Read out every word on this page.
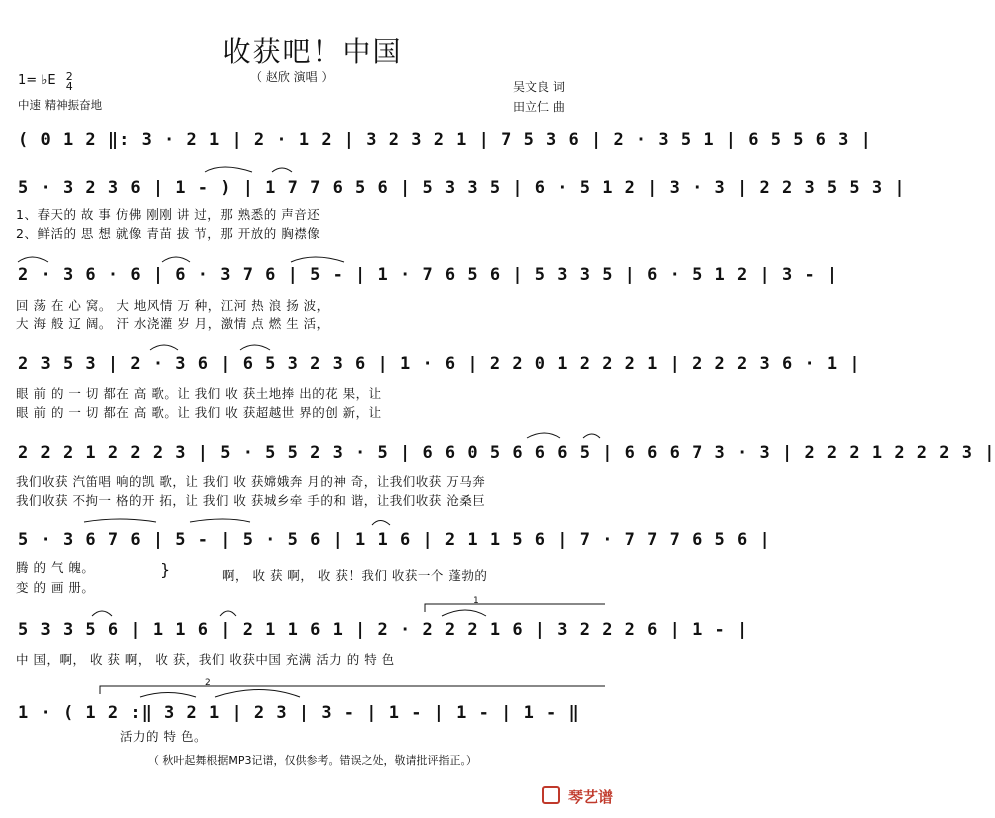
收获吧！中国
（ 赵欣 演唱 ）
1= ♭E 2
4
中速 精神振奋地
吴文良 词
田立仁 曲
( 0 1 2 ‖: 3 · 2 1 | 2 · 1 2 | 3 2 3 2 1 | 7 5 3 6 | 2 · 3 5 1 | 6 5 5 6 3 |
5 · 3 2 3 6 | 1 - ) | 1 7 7 6 5 6 | 5 3 3 5 | 6 · 5 1 2 | 3 · 3 | 2 2 3 5 5 3 |
1、春天的 故 事 仿佛 刚刚 讲 过，那 熟悉的 声音还
2、鲜活的 思 想 就像 青苗 拔 节，那 开放的 胸襟像
2 · 3 6 · 6 | 6 · 3 7 6 | 5 - | 1 · 7 6 5 6 | 5 3 3 5 | 6 · 5 1 2 | 3 - |
回 荡 在 心 窝。 大 地风情 万 种，江河 热 浪 扬 波，
大 海 般 辽 阔。 汗 水浇灌 岁 月，激情 点 燃 生 活，
2 3 5 3 | 2 · 3 6 | 6 5 3 2 3 6 | 1 · 6 | 2 2 0 1 2 2 2 1 | 2 2 2 3 6 · 1 |
眼 前 的 一 切 都在 高 歌。让 我们 收 获土地捧 出的花 果，让
眼 前 的 一 切 都在 高 歌。让 我们 收 获超越世 界的创 新，让
2 2 2 1 2 2 2 3 | 5 · 5 5 2 3 · 5 | 6 6 0 5 6 6 6 5 | 6 6 6 7 3 · 3 | 2 2 2 1 2 2 2 3 |
我们收获 汽笛唱 响的凯 歌，让 我们 收 获嫦娥奔 月的神 奇，让我们收获 万马奔
我们收获 不拘一 格的开 拓，让 我们 收 获城乡牵 手的和 谐，让我们收获 沧桑巨
5 · 3 6 7 6 | 5 - | 5 · 5 6 | 1 1 6 | 2 1 1 5 6 | 7 · 7 7 7 6 5 6 |
腾 的 气 魄。
变 的 画 册。
}	啊， 收 获 啊， 收 获！我们 收获一个 蓬勃的
5 3 3 5 6 | 1 1 6 | 2 1 1 6 1 | 2 · 2 2 2 1 6 | 3 2 2 2 6 | 1 - |
中 国，啊， 收 获 啊， 收 获，我们 收获中国 充满 活力 的 特 色
1 · ( 1 2 :‖ 3 2 1 | 2 3 | 3 - | 1 - | 1 - | 1 - ‖
活力的 特 色。
1
2
（ 秋叶起舞根据MP3记谱，仅供参考。错误之处，敬请批评指正。）
琴艺谱
